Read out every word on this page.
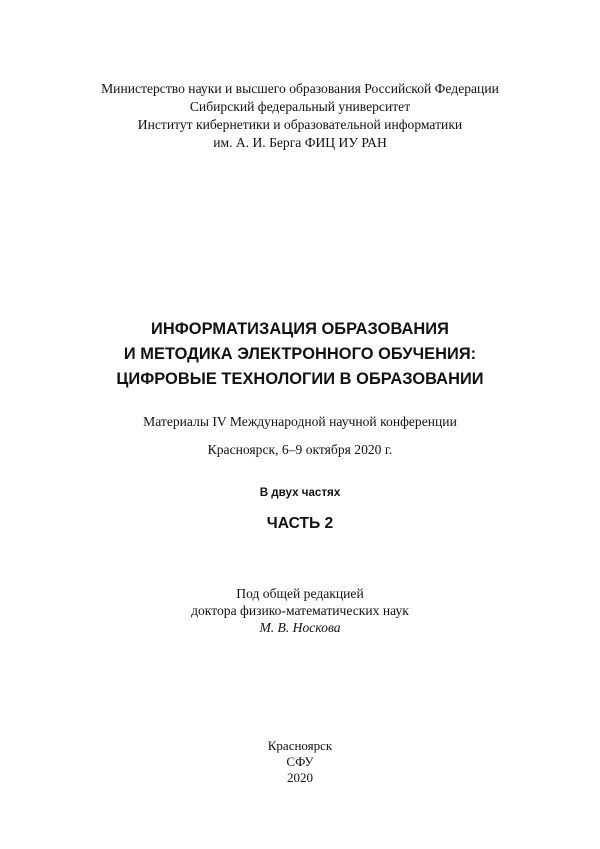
Министерство науки и высшего образования Российской Федерации
Сибирский федеральный университет
Институт кибернетики и образовательной информатики
им. А. И. Берга ФИЦ ИУ РАН
ИНФОРМАТИЗАЦИЯ ОБРАЗОВАНИЯ
И МЕТОДИКА ЭЛЕКТРОННОГО ОБУЧЕНИЯ:
ЦИФРОВЫЕ ТЕХНОЛОГИИ В ОБРАЗОВАНИИ
Материалы IV Международной научной конференции
Красноярск, 6–9 октября 2020 г.
В двух частях
ЧАСТЬ 2
Под общей редакцией
доктора физико-математических наук
М. В. Носкова
Красноярск
СФУ
2020
